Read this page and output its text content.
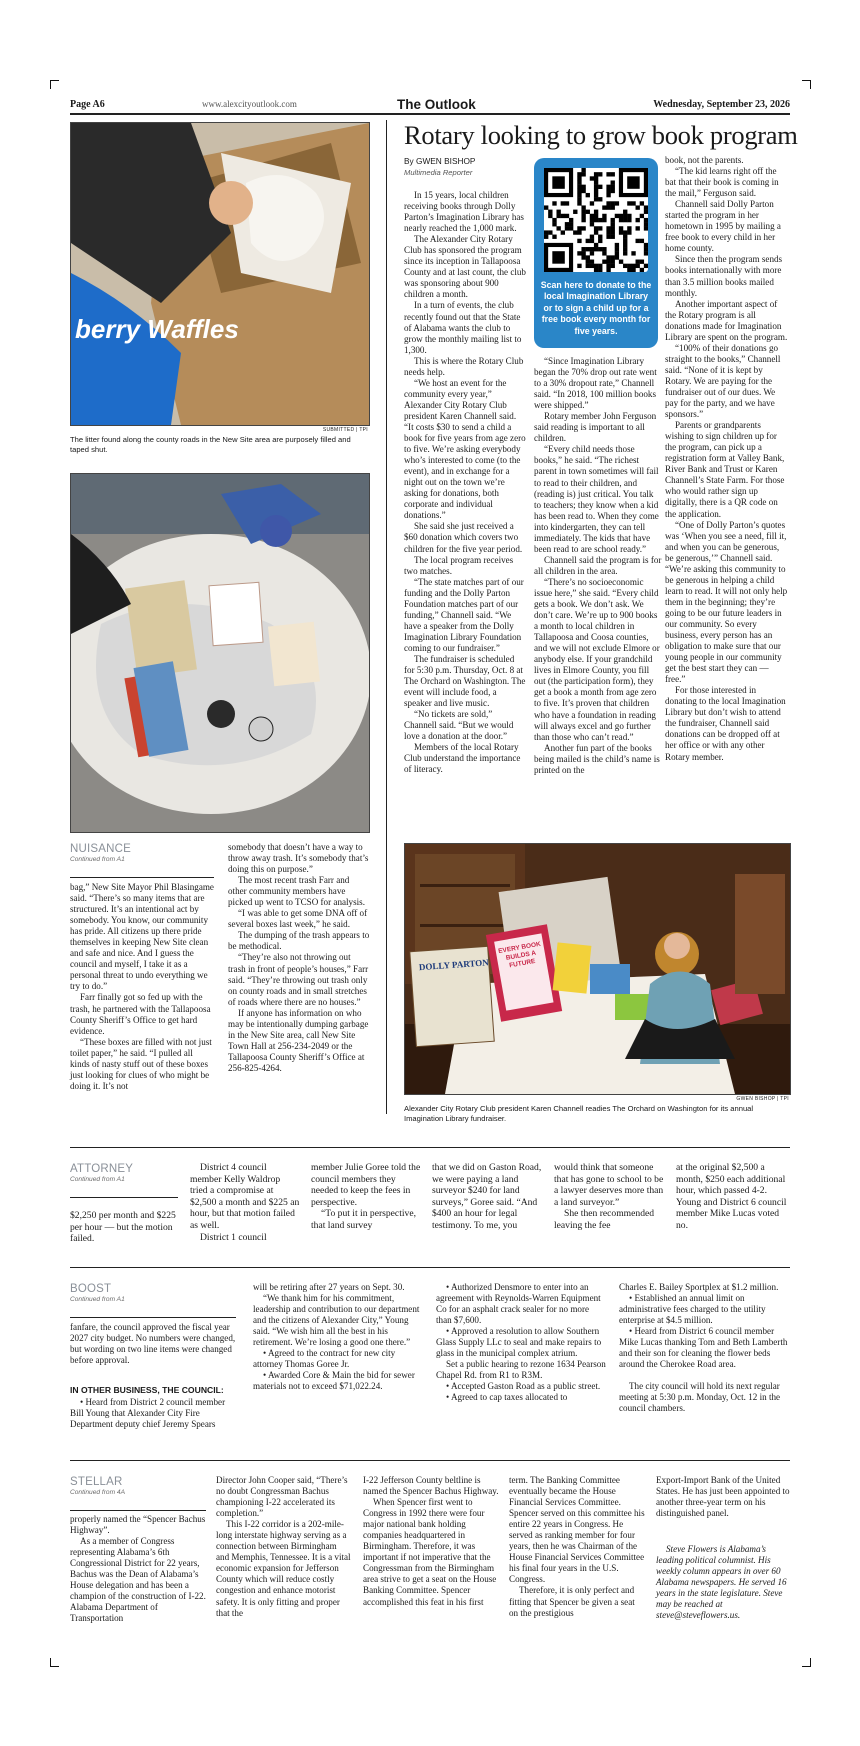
Page A6	www.alexcityoutlook.com	The Outlook	Wednesday, September 23, 2026
berry Waffles
SUBMITTED | TPI
The litter found along the county roads in the New Site area are purposely filled and taped shut.
NUISANCE
Continued from A1

bag,” New Site Mayor Phil Blasingame said. “There’s so many items that are structured. It’s an intentional act by somebody. You know, our community has pride. All citizens up there pride themselves in keeping New Site clean and safe and nice. And I guess the council and myself, I take it as a personal threat to undo everything we try to do.”

Farr finally got so fed up with the trash, he partnered with the Tallapoosa County Sheriff’s Office to get hard evidence.

“These boxes are filled with not just toilet paper,” he said. “I pulled all kinds of nasty stuff out of these boxes just looking for clues of who might be doing it. It’s not

somebody that doesn’t have a way to throw away trash. It’s somebody that’s doing this on purpose.”

The most recent trash Farr and other community members have picked up went to TCSO for analysis.

“I was able to get some DNA off of several boxes last week,” he said.

The dumping of the trash appears to be methodical.

“They’re also not throwing out trash in front of people’s houses,” Farr said. “They’re throwing out trash only on county roads and in small stretches of roads where there are no houses.”

If anyone has information on who may be intentionally dumping garbage in the New Site area, call New Site Town Hall at 256-234-2049 or the Tallapoosa County Sheriff’s Office at 256-825-4264.

Rotary looking to grow book program
By GWEN BISHOP
Multimedia Reporter
Scan here to donate to the local Imagination Library or to sign a child up for a free book every month for five years.

In 15 years, local children receiving books through Dolly Parton’s Imagination Library has nearly reached the 1,000 mark.

The Alexander City Rotary Club has sponsored the program since its inception in Tallapoosa County and at last count, the club was sponsoring about 900 children a month.

In a turn of events, the club recently found out that the State of Alabama wants the club to grow the monthly mailing list to 1,300.

This is where the Rotary Club needs help.

“We host an event for the community every year,” Alexander City Rotary Club president Karen Channell said. “It costs $30 to send a child a book for five years from age zero to five. We’re asking everybody who’s interested to come (to the event), and in exchange for a night out on the town we’re asking for donations, both corporate and individual donations.”

She said she just received a $60 donation which covers two children for the five year period.

The local program receives two matches.

“The state matches part of our funding and the Dolly Parton Foundation matches part of our funding,” Channell said. “We have a speaker from the Dolly Imagination Library Foundation coming to our fundraiser.”

The fundraiser is scheduled for 5:30 p.m. Thursday, Oct. 8 at The Orchard on Washington. The event will include food, a speaker and live music.

“No tickets are sold,” Channell said. “But we would love a donation at the door.”

Members of the local Rotary Club understand the importance of literacy.

“Since Imagination Library began the 70% drop out rate went to a 30% dropout rate,” Channell said. “In 2018, 100 million books were shipped.”

Rotary member John Ferguson said reading is important to all children.

“Every child needs those books,” he said. “The richest parent in town sometimes will fail to read to their children, and (reading is) just critical. You talk to teachers; they know when a kid has been read to. When they come into kindergarten, they can tell immediately. The kids that have been read to are school ready.”

Channell said the program is for all children in the area.

“There’s no socioeconomic issue here,” she said. “Every child gets a book. We don’t ask. We don’t care. We’re up to 900 books a month to local children in Tallapoosa and Coosa counties, and we will not exclude Elmore or anybody else. If your grandchild lives in Elmore County, you fill out (the participation form), they get a book a month from age zero to five. It’s proven that children who have a foundation in reading will always excel and go further than those who can’t read.”

Another fun part of the books being mailed is the child’s name is printed on the

book, not the parents.

“The kid learns right off the bat that their book is coming in the mail,” Ferguson said.

Channell said Dolly Parton started the program in her hometown in 1995 by mailing a free book to every child in her home county.

Since then the program sends books internationally with more than 3.5 million books mailed monthly.

Another important aspect of the Rotary program is all donations made for Imagination Library are spent on the program.

“100% of their donations go straight to the books,” Channell said. “None of it is kept by Rotary. We are paying for the fundraiser out of our dues. We pay for the party, and we have sponsors.”

Parents or grandparents wishing to sign children up for the program, can pick up a registration form at Valley Bank, River Bank and Trust or Karen Channell’s State Farm. For those who would rather sign up digitally, there is a QR code on the application.

“One of Dolly Parton’s quotes was ‘When you see a need, fill it, and when you can be generous, be generous,’” Channell said. “We’re asking this community to be generous in helping a child learn to read. It will not only help them in the beginning; they’re going to be our future leaders in our community. So every business, every person has an obligation to make sure that our young people in our community get the best start they can — free.”

For those interested in donating to the local Imagination Library but don’t wish to attend the fundraiser, Channell said donations can be dropped off at her office or with any other Rotary member.

DOLLY PARTON
EVERY BOOK BUILDS A FUTURE
GWEN BISHOP | TPI
Alexander City Rotary Club president Karen Channell readies The Orchard on Washington for its annual Imagination Library fundraiser.
ATTORNEY
Continued from A1

$2,250 per month and $225 per hour — but the motion failed.

District 4 council member Kelly Waldrop tried a compromise at $2,500 a month and $225 an hour, but that motion failed as well.

District 1 council

member Julie Goree told the council members they needed to keep the fees in perspective.

“To put it in perspective, that land survey

that we did on Gaston Road, we were paying a land surveyor $240 for land surveys,” Goree said. “And $400 an hour for legal testimony. To me, you

would think that someone that has gone to school to be a lawyer deserves more than a land surveyor.”

She then recommended leaving the fee

at the original $2,500 a month, $250 each additional hour, which passed 4-2. Young and District 6 council member Mike Lucas voted no.

BOOST
Continued from A1

fanfare, the council approved the fiscal year 2027 city budget. No numbers were changed, but wording on two line items were changed before approval.

IN OTHER BUSINESS, THE COUNCIL:

• Heard from District 2 council member Bill Young that Alexander City Fire Department deputy chief Jeremy Spears

will be retiring after 27 years on Sept. 30.

“We thank him for his commitment, leadership and contribution to our department and the citizens of Alexander City,” Young said. “We wish him all the best in his retirement. We’re losing a good one there.”

• Agreed to the contract for new city attorney Thomas Goree Jr.

• Awarded Core & Main the bid for sewer materials not to exceed $71,022.24.

• Authorized Densmore to enter into an agreement with Reynolds-Warren Equipment Co for an asphalt crack sealer for no more than $7,600.

• Approved a resolution to allow Southern Glass Supply LLc to seal and make repairs to glass in the municipal complex atrium.

Set a public hearing to rezone 1634 Pearson Chapel Rd. from R1 to R3M.

• Accepted Gaston Road as a public street.

• Agreed to cap taxes allocated to

Charles E. Bailey Sportplex at $1.2 million.

• Established an annual limit on administrative fees charged to the utility enterprise at $4.5 million.

• Heard from District 6 council member Mike Lucas thanking Tom and Beth Lamberth and their son for cleaning the flower beds around the Cherokee Road area.

The city council will hold its next regular meeting at 5:30 p.m. Monday, Oct. 12 in the council chambers.

STELLAR
Continued from 4A

properly named the “Spencer Bachus Highway”.

As a member of Congress representing Alabama’s 6th Congressional District for 22 years, Bachus was the Dean of Alabama’s House delegation and has been a champion of the construction of I-22. Alabama Department of Transportation

Director John Cooper said, “There’s no doubt Congressman Bachus championing I-22 accelerated its completion.”

This I-22 corridor is a 202-mile-long interstate highway serving as a connection between Birmingham and Memphis, Tennessee. It is a vital economic expansion for Jefferson County which will reduce costly congestion and enhance motorist safety. It is only fitting and proper that the

I-22 Jefferson County beltline is named the Spencer Bachus Highway.

When Spencer first went to Congress in 1992 there were four major national bank holding companies headquartered in Birmingham. Therefore, it was important if not imperative that the Congressman from the Birmingham area strive to get a seat on the House Banking Committee. Spencer accomplished this feat in his first

term. The Banking Committee eventually became the House Financial Services Committee. Spencer served on this committee his entire 22 years in Congress. He served as ranking member for four years, then he was Chairman of the House Financial Services Committee his final four years in the U.S. Congress.

Therefore, it is only perfect and fitting that Spencer be given a seat on the prestigious

Export-Import Bank of the United States. He has just been appointed to another three-year term on his distinguished panel.

Steve Flowers is Alabama’s leading political columnist. His weekly column appears in over 60 Alabama newspapers. He served 16 years in the state legislature. Steve may be reached at steve@steveflowers.us.
